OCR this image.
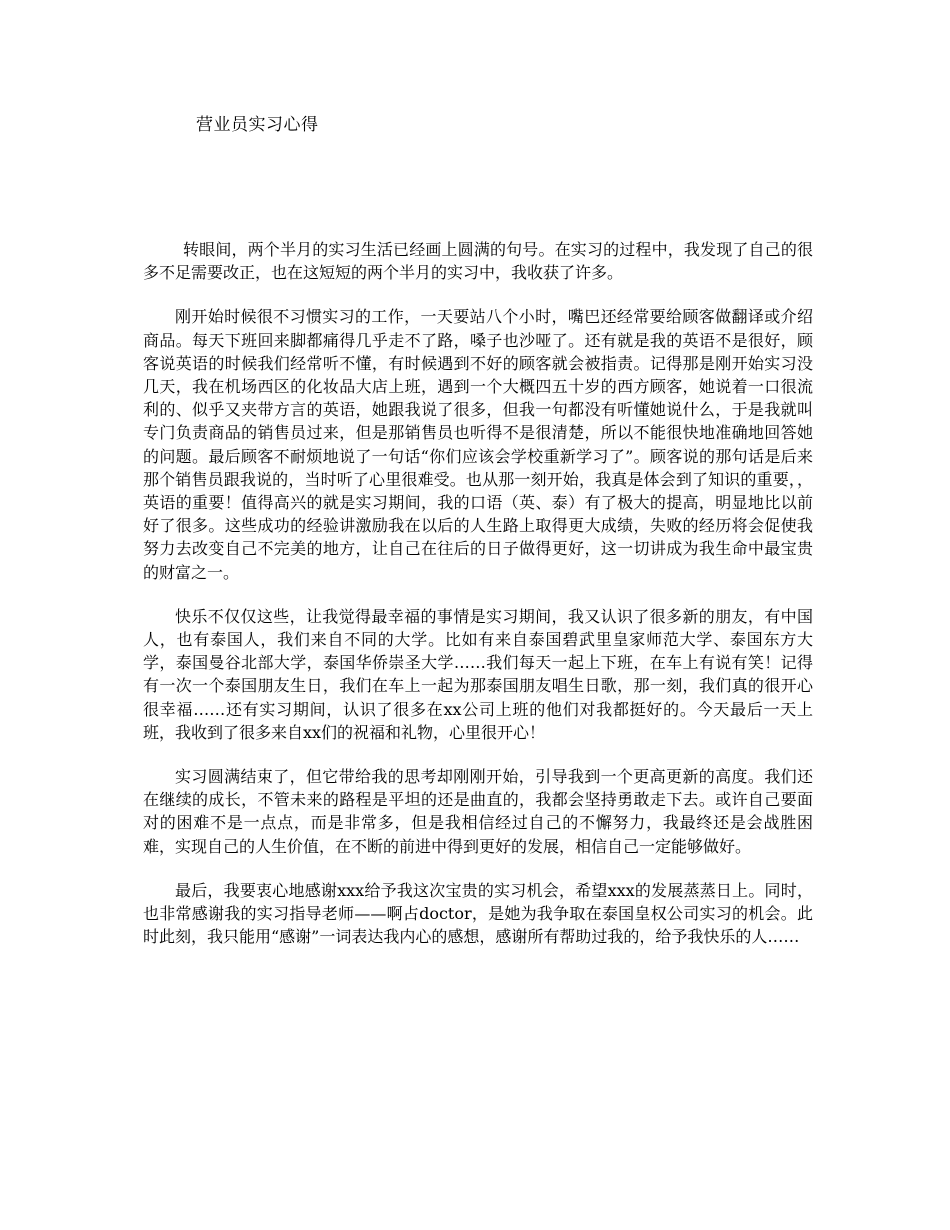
营业员实习心得

转眼间，两个半月的实习生活已经画上圆满的句号。在实习的过程中，我发现了自己的很多不足需要改正，也在这短短的两个半月的实习中，我收获了许多。

刚开始时候很不习惯实习的工作，一天要站八个小时，嘴巴还经常要给顾客做翻译或介绍商品。每天下班回来脚都痛得几乎走不了路，嗓子也沙哑了。还有就是我的英语不是很好，顾客说英语的时候我们经常听不懂，有时候遇到不好的顾客就会被指责。记得那是刚开始实习没几天，我在机场西区的化妆品大店上班，遇到一个大概四五十岁的西方顾客，她说着一口很流利的、似乎又夹带方言的英语，她跟我说了很多，但我一句都没有听懂她说什么，于是我就叫专门负责商品的销售员过来，但是那销售员也听得不是很清楚，所以不能很快地准确地回答她的问题。最后顾客不耐烦地说了一句话“你们应该会学校重新学习了”。顾客说的那句话是后来那个销售员跟我说的，当时听了心里很难受。也从那一刻开始，我真是体会到了知识的重要，，英语的重要！值得高兴的就是实习期间，我的口语（英、泰）有了极大的提高，明显地比以前好了很多。这些成功的经验讲激励我在以后的人生路上取得更大成绩，失败的经历将会促使我努力去改变自己不完美的地方，让自己在往后的日子做得更好，这一切讲成为我生命中最宝贵的财富之一。

快乐不仅仅这些，让我觉得最幸福的事情是实习期间，我又认识了很多新的朋友，有中国人，也有泰国人，我们来自不同的大学。比如有来自泰国碧武里皇家师范大学、泰国东方大学，泰国曼谷北部大学，泰国华侨崇圣大学……我们每天一起上下班，在车上有说有笑！记得有一次一个泰国朋友生日，我们在车上一起为那泰国朋友唱生日歌，那一刻，我们真的很开心很幸福……还有实习期间，认识了很多在xx公司上班的他们对我都挺好的。今天最后一天上班，我收到了很多来自xx们的祝福和礼物，心里很开心！

实习圆满结束了，但它带给我的思考却刚刚开始，引导我到一个更高更新的高度。我们还在继续的成长，不管未来的路程是平坦的还是曲直的，我都会坚持勇敢走下去。或许自己要面对的困难不是一点点，而是非常多，但是我相信经过自己的不懈努力，我最终还是会战胜困难，实现自己的人生价值，在不断的前进中得到更好的发展，相信自己一定能够做好。

最后，我要衷心地感谢xxx给予我这次宝贵的实习机会，希望xxx的发展蒸蒸日上。同时，也非常感谢我的实习指导老师——啊占doctor，是她为我争取在泰国皇权公司实习的机会。此时此刻，我只能用“感谢”一词表达我内心的感想，感谢所有帮助过我的，给予我快乐的人……
